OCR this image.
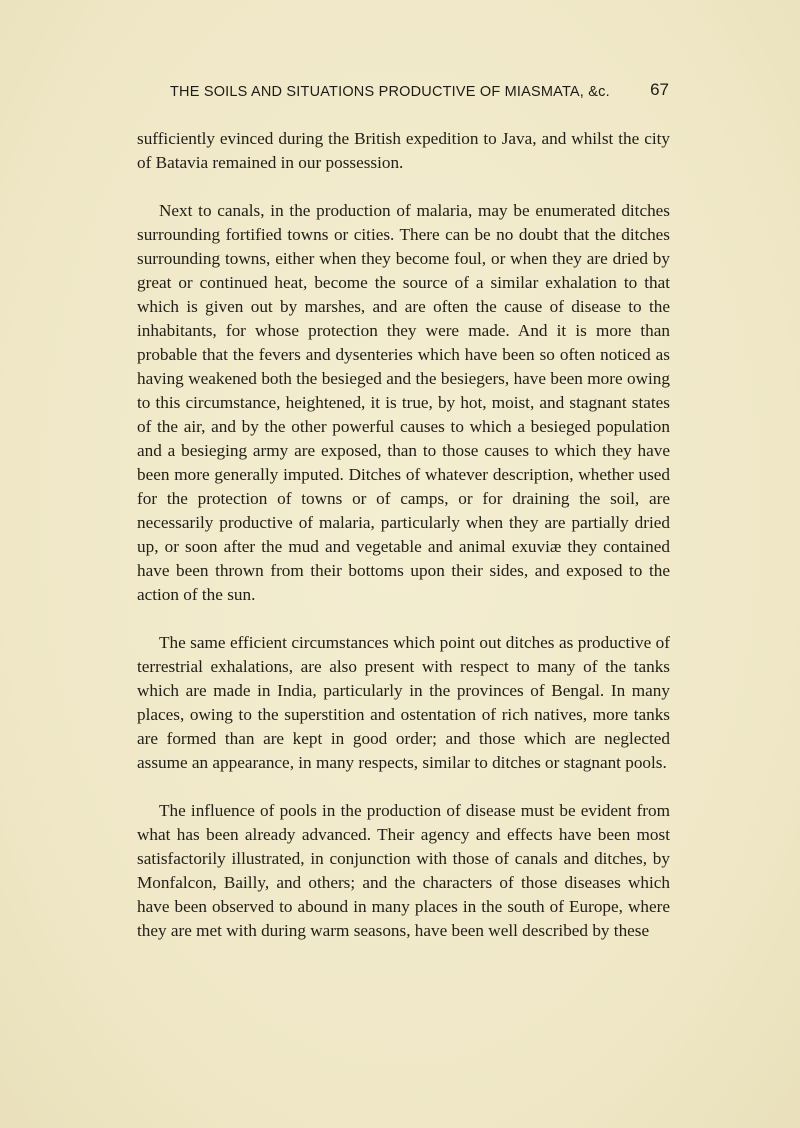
THE SOILS AND SITUATIONS PRODUCTIVE OF MIASMATA, &c.	67

sufficiently evinced during the British expedition to Java, and whilst the city of Batavia remained in our possession.

Next to canals, in the production of malaria, may be enumerated ditches surrounding fortified towns or cities. There can be no doubt that the ditches surrounding towns, either when they become foul, or when they are dried by great or continued heat, become the source of a similar exhalation to that which is given out by marshes, and are often the cause of disease to the inhabitants, for whose protection they were made. And it is more than probable that the fevers and dysenteries which have been so often noticed as having weakened both the besieged and the besiegers, have been more owing to this circumstance, heightened, it is true, by hot, moist, and stagnant states of the air, and by the other powerful causes to which a besieged population and a besieging army are exposed, than to those causes to which they have been more generally imputed. Ditches of whatever description, whether used for the protection of towns or of camps, or for draining the soil, are necessarily productive of malaria, particularly when they are partially dried up, or soon after the mud and vegetable and animal exuviæ they contained have been thrown from their bottoms upon their sides, and exposed to the action of the sun.

The same efficient circumstances which point out ditches as productive of terrestrial exhalations, are also present with respect to many of the tanks which are made in India, particularly in the provinces of Bengal. In many places, owing to the superstition and ostentation of rich natives, more tanks are formed than are kept in good order; and those which are neglected assume an appearance, in many respects, similar to ditches or stagnant pools.

The influence of pools in the production of disease must be evident from what has been already advanced. Their agency and effects have been most satisfactorily illustrated, in conjunction with those of canals and ditches, by Monfalcon, Bailly, and others; and the characters of those diseases which have been observed to abound in many places in the south of Europe, where they are met with during warm seasons, have been well described by these
